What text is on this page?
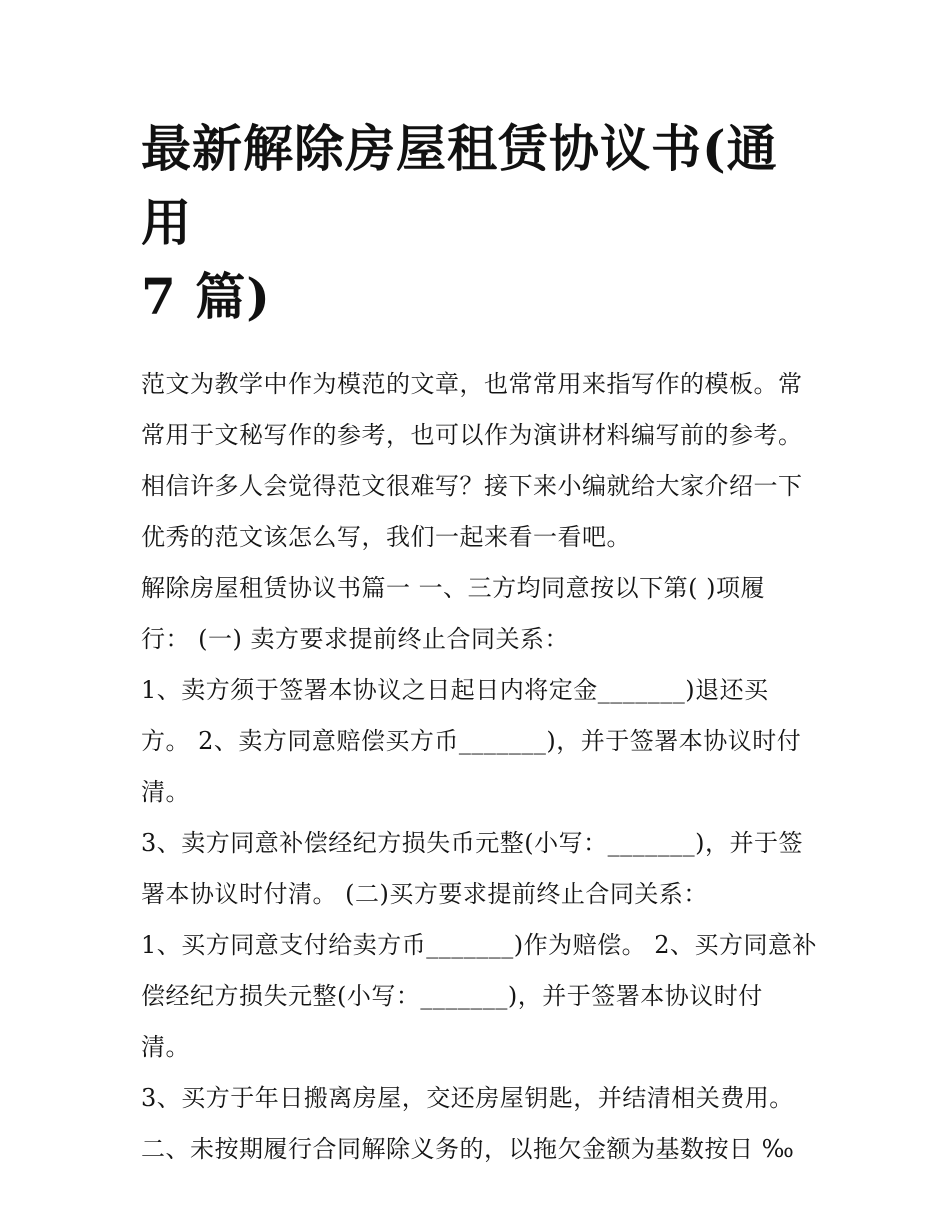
最新解除房屋租赁协议书(通用
7 篇)
范文为教学中作为模范的文章，也常常用来指写作的模板。常
常用于文秘写作的参考，也可以作为演讲材料编写前的参考。
相信许多人会觉得范文很难写？接下来小编就给大家介绍一下
优秀的范文该怎么写，我们一起来看一看吧。
解除房屋租赁协议书篇一 一、三方均同意按以下第( )项履
行： (一) 卖方要求提前终止合同关系：
1、卖方须于签署本协议之日起日内将定金_______)退还买
方。 2、卖方同意赔偿买方币_______)，并于签署本协议时付
清。
3、卖方同意补偿经纪方损失币元整(小写：_______)，并于签
署本协议时付清。 (二)买方要求提前终止合同关系：
1、买方同意支付给卖方币_______)作为赔偿。 2、买方同意补
偿经纪方损失元整(小写：_______)，并于签署本协议时付
清。
3、买方于年日搬离房屋，交还房屋钥匙，并结清相关费用。
二、未按期履行合同解除义务的，以拖欠金额为基数按日 ‰
